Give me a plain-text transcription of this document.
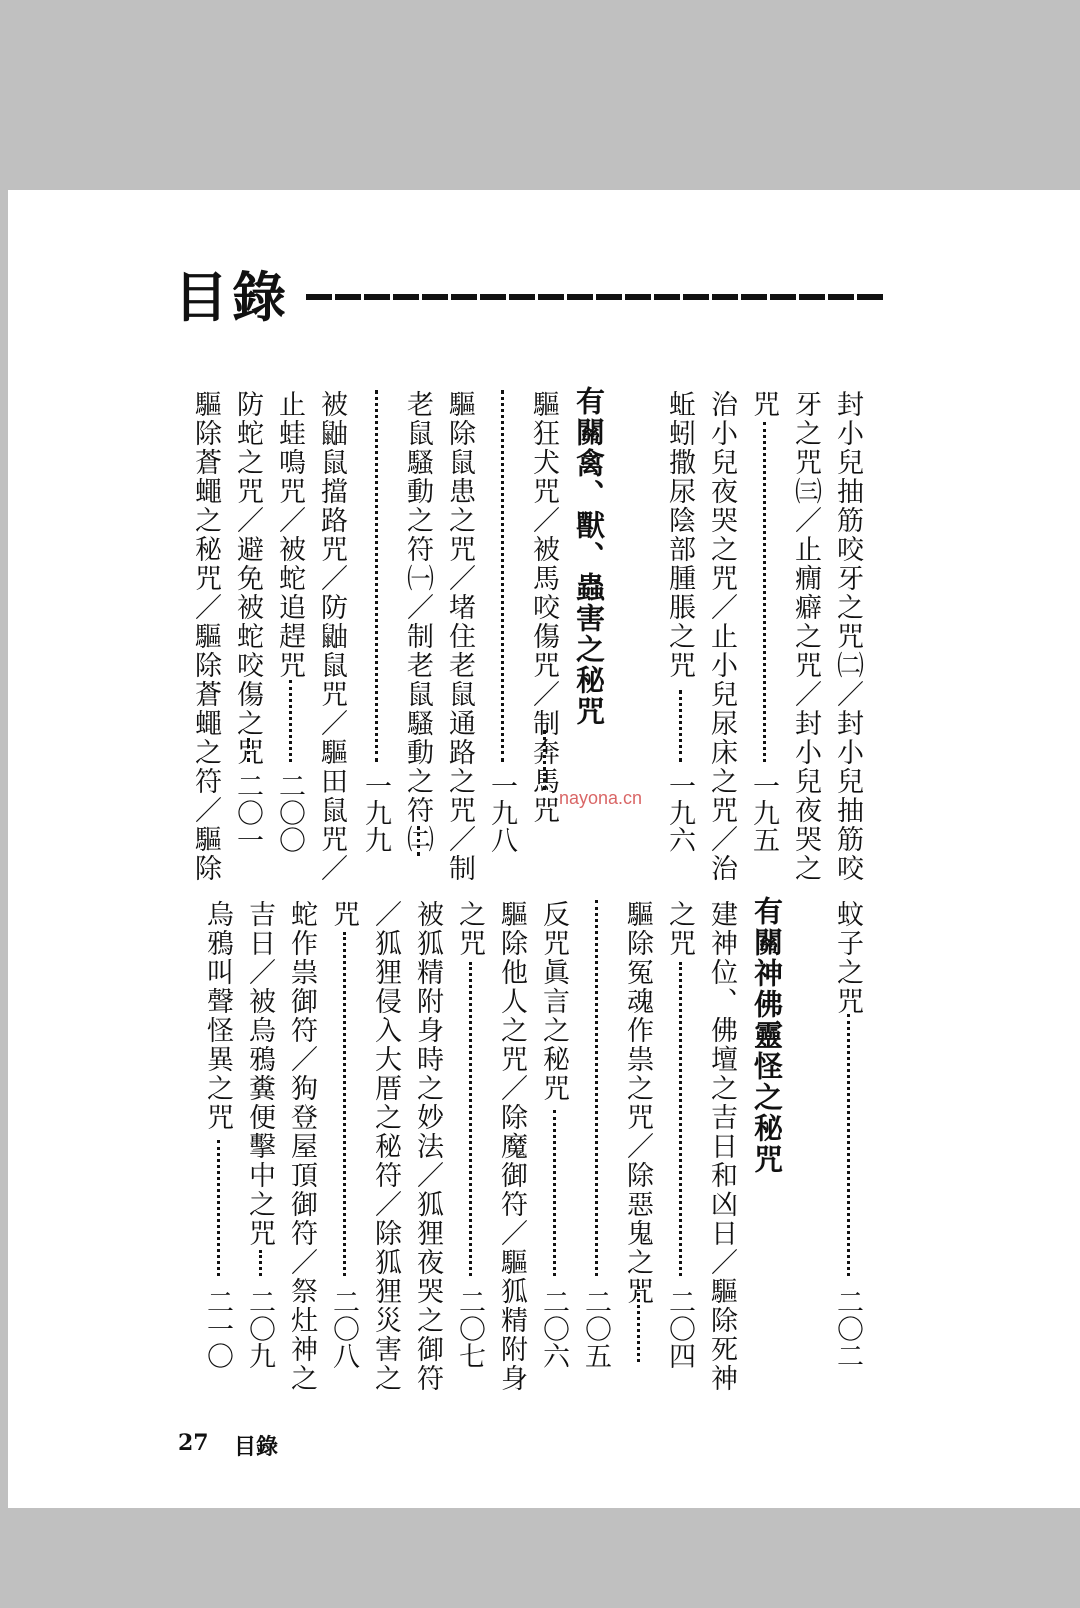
目錄
封小兒抽筋咬牙之咒㈡／封小兒抽筋咬
牙之咒㈢／止癇癖之咒／封小兒夜哭之
咒
一九五
治小兒夜哭之咒／止小兒尿床之咒／治
蚯蚓撒尿陰部腫脹之咒
一九六
有關禽、獸、蟲害之秘咒
驅狂犬咒／被馬咬傷咒／制奔馬咒
一九八
驅除鼠患之咒／堵住老鼠通路之咒／制
老鼠騷動之符㈠／制老鼠騷動之符㈡
一九九
被鼬鼠擋路咒／防鼬鼠咒／驅田鼠咒／
止蛙鳴咒／被蛇追趕咒
二〇〇
防蛇之咒／避免被蛇咬傷之咒
二〇一
驅除蒼蠅之秘咒／驅除蒼蠅之符／驅除
蚊子之咒
二〇二
有關神佛靈怪之秘咒
建神位、佛壇之吉日和凶日／驅除死神
之咒
二〇四
驅除冤魂作祟之咒／除惡鬼之咒
二〇五
反咒眞言之秘咒
二〇六
驅除他人之咒／除魔御符／驅狐精附身
之咒
二〇七
被狐精附身時之妙法／狐狸夜哭之御符
／狐狸侵入大厝之秘符／除狐狸災害之
咒
二〇八
蛇作祟御符／狗登屋頂御符／祭灶神之
吉日／被烏鴉糞便擊中之咒
二〇九
烏鴉叫聲怪異之咒
二一〇
nayona.cn
27 目錄
